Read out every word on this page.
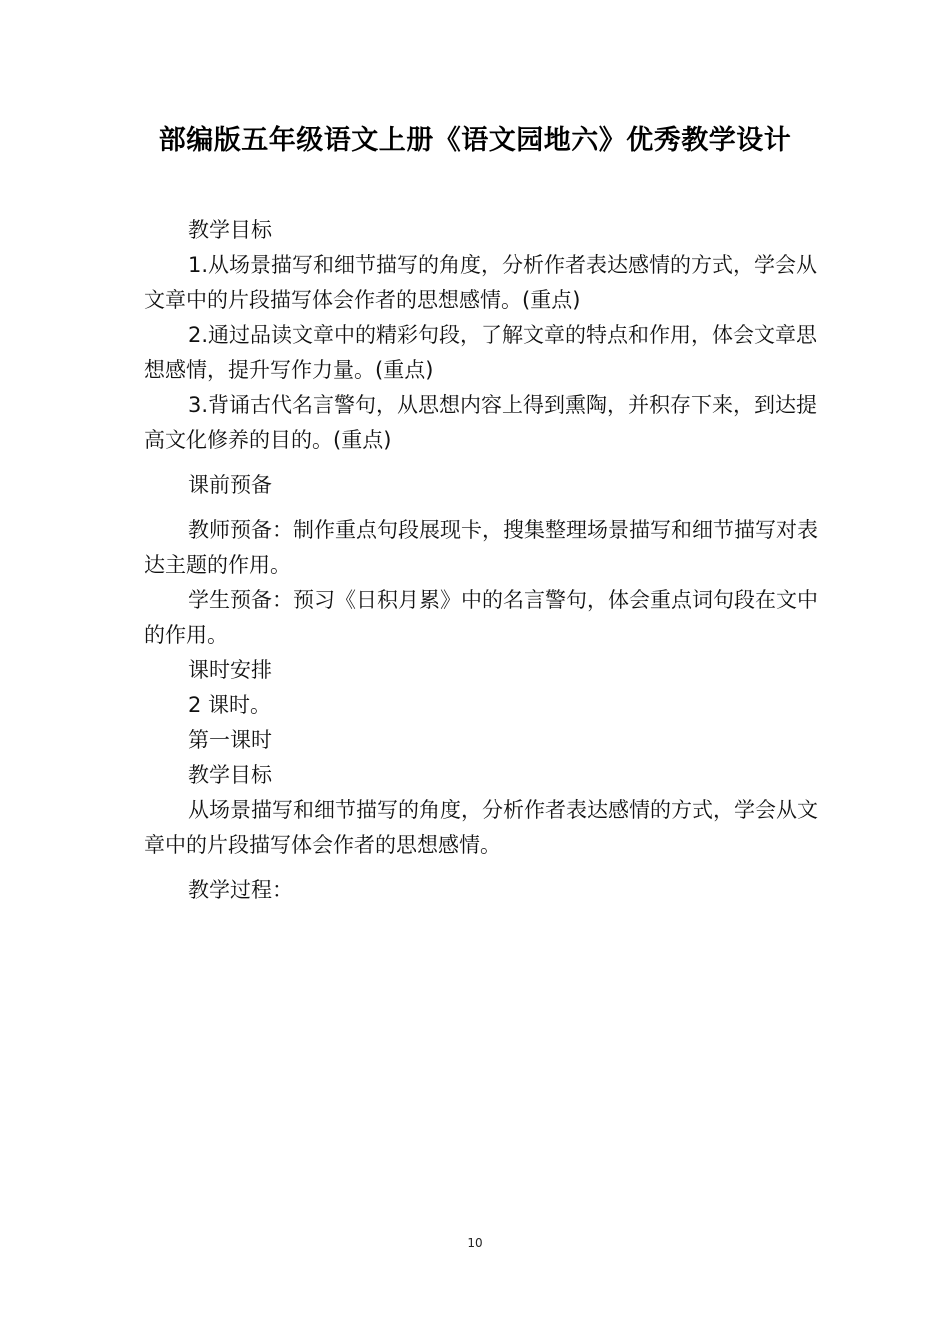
部编版五年级语文上册《语文园地六》优秀教学设计

教学目标

1.从场景描写和细节描写的角度，分析作者表达感情的方式，学会从文章中的片段描写体会作者的思想感情。(重点)

2.通过品读文章中的精彩句段，了解文章的特点和作用，体会文章思想感情，提升写作力量。(重点)

3.背诵古代名言警句，从思想内容上得到熏陶，并积存下来，到达提高文化修养的目的。(重点)

课前预备

教师预备：制作重点句段展现卡，搜集整理场景描写和细节描写对表达主题的作用。

学生预备：预习《日积月累》中的名言警句，体会重点词句段在文中的作用。

课时安排

2 课时。

第一课时

教学目标

从场景描写和细节描写的角度，分析作者表达感情的方式，学会从文章中的片段描写体会作者的思想感情。

教学过程：

10
